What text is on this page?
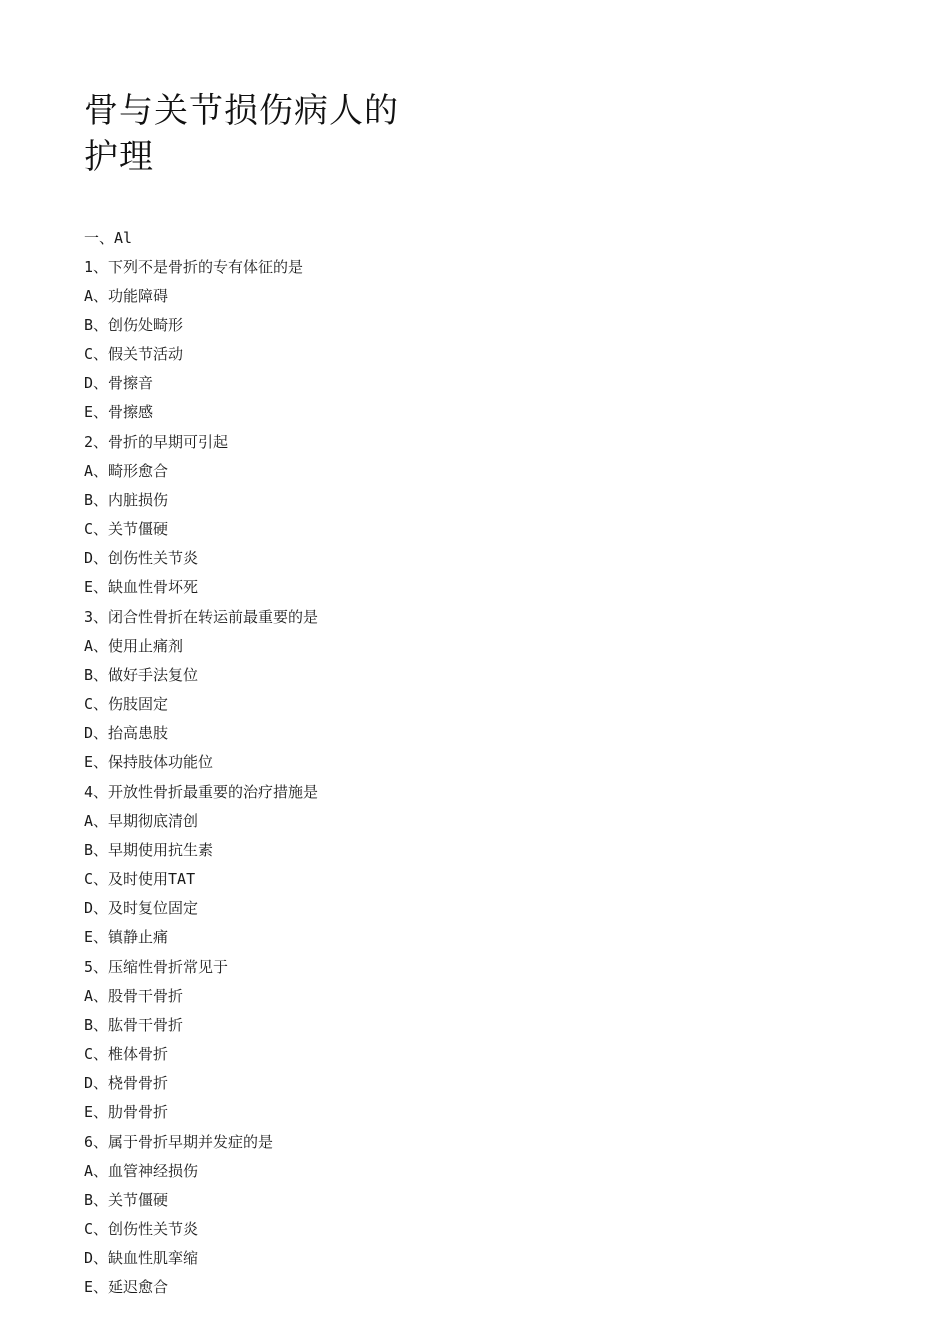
骨与关节损伤病人的
护理
一、Al
1、下列不是骨折的专有体征的是
A、功能障碍
B、创伤处畸形
C、假关节活动
D、骨擦音
E、骨擦感
2、骨折的早期可引起
A、畸形愈合
B、内脏损伤
C、关节僵硬
D、创伤性关节炎
E、缺血性骨坏死
3、闭合性骨折在转运前最重要的是
A、使用止痛剂
B、做好手法复位
C、伤肢固定
D、抬高患肢
E、保持肢体功能位
4、开放性骨折最重要的治疗措施是
A、早期彻底清创
B、早期使用抗生素
C、及时使用TAT
D、及时复位固定
E、镇静止痛
5、压缩性骨折常见于
A、股骨干骨折
B、肱骨干骨折
C、椎体骨折
D、桡骨骨折
E、肋骨骨折
6、属于骨折早期并发症的是
A、血管神经损伤
B、关节僵硬
C、创伤性关节炎
D、缺血性肌挛缩
E、延迟愈合
